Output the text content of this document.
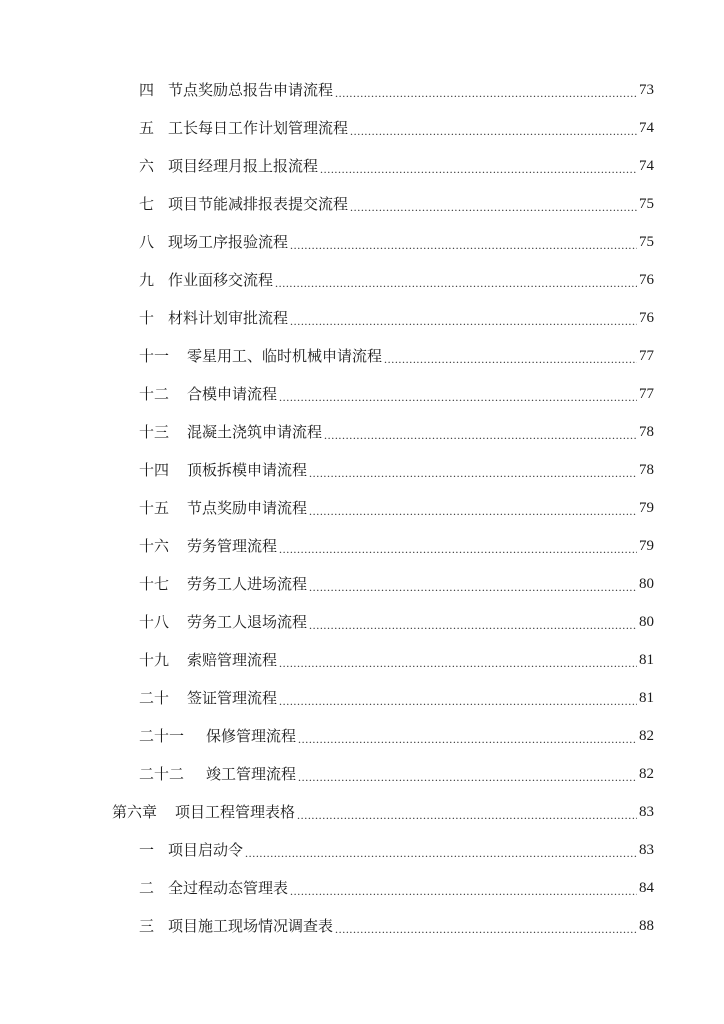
四 节点奖励总报告申请流程 .....	73
五 工长每日工作计划管理流程 .....	74
六 项目经理月报上报流程 .....	74
七 项目节能减排报表提交流程 .....	75
八 现场工序报验流程 .....	75
九 作业面移交流程 .....	76
十 材料计划审批流程 .....	76
十一 零星用工、临时机械申请流程 .....	77
十二 合模申请流程 .....	77
十三 混凝土浇筑申请流程 .....	78
十四 顶板拆模申请流程 .....	78
十五 节点奖励申请流程 .....	79
十六 劳务管理流程 .....	79
十七 劳务工人进场流程 .....	80
十八 劳务工人退场流程 .....	80
十九 索赔管理流程 .....	81
二十 签证管理流程 .....	81
二十一 保修管理流程 .....	82
二十二 竣工管理流程 .....	82
第六章 项目工程管理表格 .....	83
一 项目启动令 .....	83
二 全过程动态管理表 .....	84
三 项目施工现场情况调查表 .....	88
